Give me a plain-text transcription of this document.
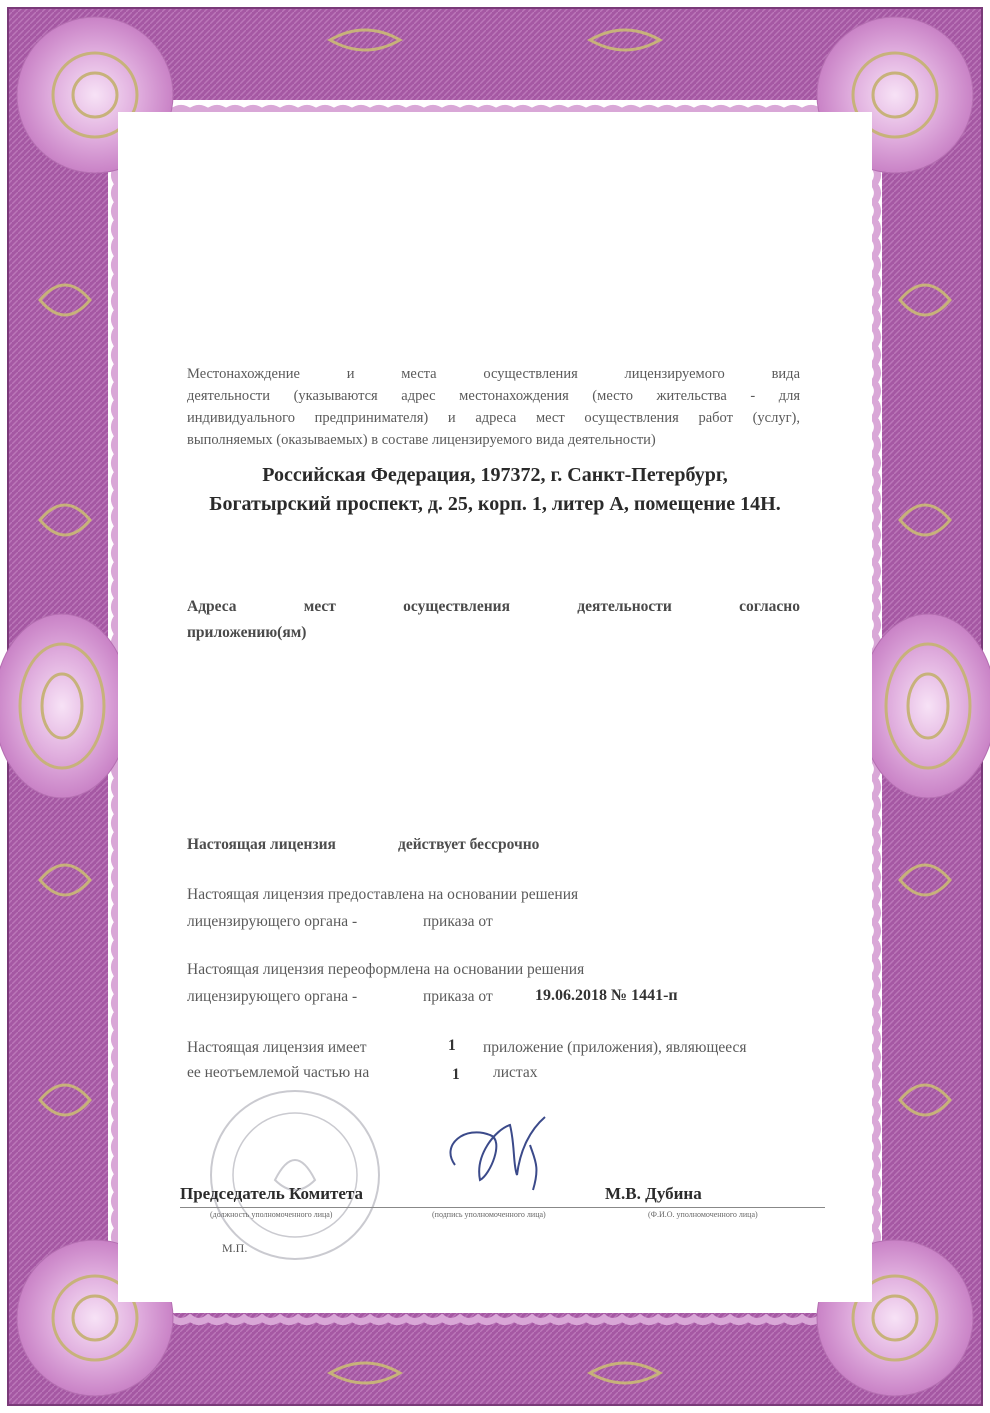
Местонахождение и места осуществления лицензируемого вида
деятельности (указываются адрес местонахождения (место жительства - для
индивидуального предпринимателя) и адреса мест осуществления работ (услуг),
выполняемых (оказываемых) в составе лицензируемого вида деятельности)
Российская Федерация, 197372, г. Санкт-Петербург,
Богатырский проспект, д. 25, корп. 1, литер А, помещение 14Н.
Адреса мест осуществления деятельности согласно
приложению(ям)
Настоящая лицензия	действует бессрочно
Настоящая лицензия предоставлена на основании решения
лицензирующего органа -	приказа от
Настоящая лицензия переоформлена на основании решения
лицензирующего органа -	приказа от	19.06.2018 № 1441-п
Настоящая лицензия имеет	1 приложение (приложения), являющееся
ее неотъемлемой частью на	1 листах
Председатель Комитета	М.В. Дубина
(должность уполномоченного лица)	(подпись уполномоченного лица)	(Ф.И.О. уполномоченного лица)
М.П.
